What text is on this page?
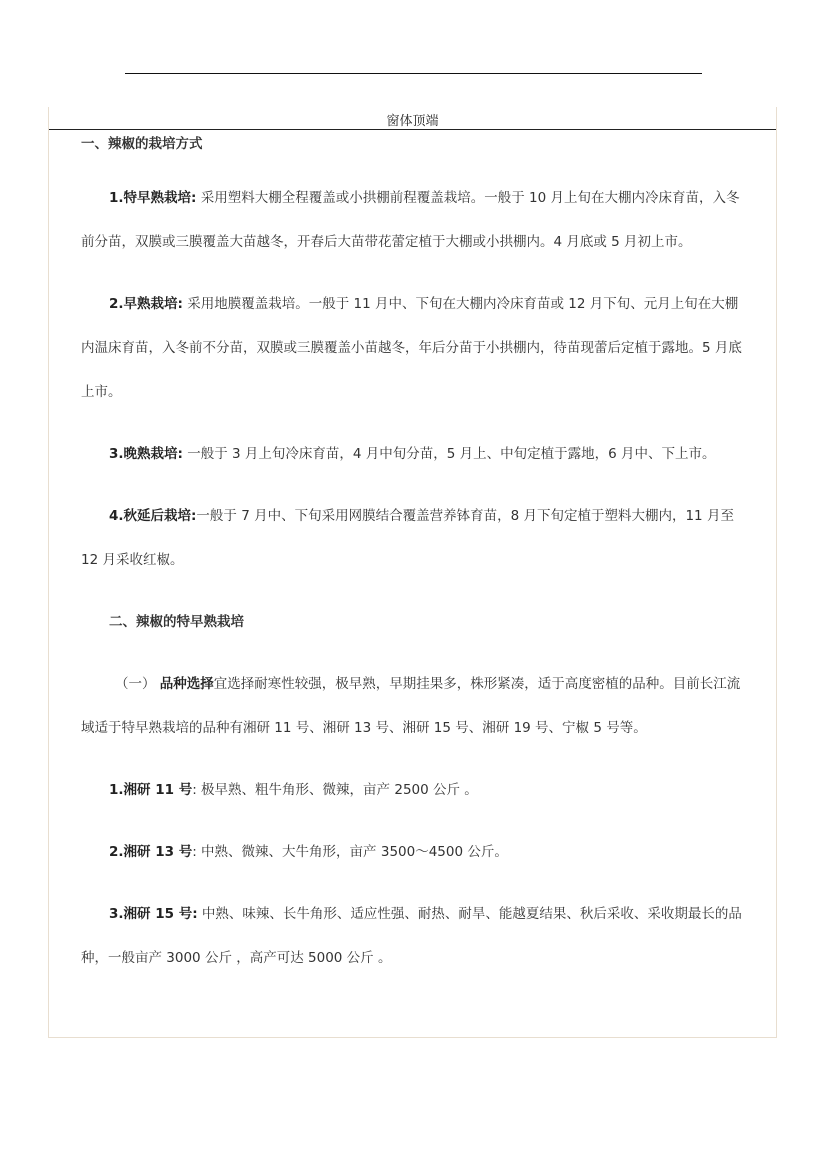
窗体顶端

一、辣椒的栽培方式

1.特早熟栽培: 采用塑料大棚全程覆盖或小拱棚前程覆盖栽培。一般于 10 月上旬在大棚内冷床育苗，入冬前分苗，双膜或三膜覆盖大苗越冬，开春后大苗带花蕾定植于大棚或小拱棚内。4 月底或 5 月初上市。

2.早熟栽培: 采用地膜覆盖栽培。一般于 11 月中、下旬在大棚内冷床育苗或 12 月下旬、元月上旬在大棚内温床育苗，入冬前不分苗，双膜或三膜覆盖小苗越冬，年后分苗于小拱棚内，待苗现蕾后定植于露地。5 月底上市。

3.晚熟栽培: 一般于 3 月上旬冷床育苗，4 月中旬分苗，5 月上、中旬定植于露地，6 月中、下上市。

4.秋延后栽培:一般于 7 月中、下旬采用网膜结合覆盖营养钵育苗，8 月下旬定植于塑料大棚内，11 月至 12 月采收红椒。

二、辣椒的特早熟栽培

（一） 品种选择宜选择耐寒性较强，极早熟，早期挂果多，株形紧凑，适于高度密植的品种。目前长江流域适于特早熟栽培的品种有湘研 11 号、湘研 13 号、湘研 15 号、湘研 19 号、宁椒 5 号等。

1.湘研 11 号: 极早熟、粗牛角形、微辣，亩产 2500 公斤 。

2.湘研 13 号: 中熟、微辣、大牛角形，亩产 3500～4500 公斤。

3.湘研 15 号: 中熟、味辣、长牛角形、适应性强、耐热、耐旱、能越夏结果、秋后采收、采收期最长的品种，一般亩产 3000 公斤 ，高产可达 5000 公斤 。
